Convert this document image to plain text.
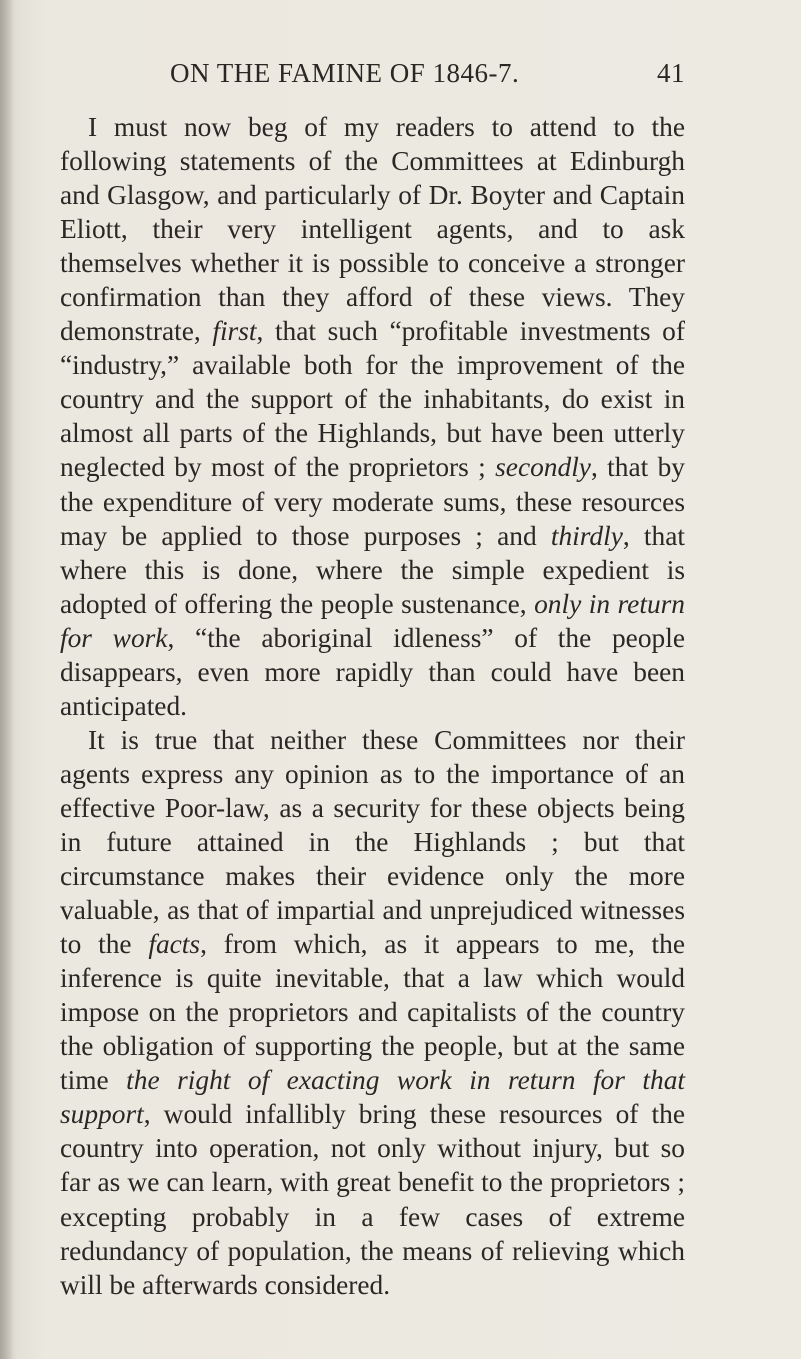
ON THE FAMINE OF 1846-7.	41

I must now beg of my readers to attend to the following statements of the Committees at Edinburgh and Glasgow, and particularly of Dr. Boyter and Captain Eliott, their very intelligent agents, and to ask themselves whether it is possible to conceive a stronger confirmation than they afford of these views. They demonstrate, first, that such “profitable investments of “industry,” available both for the improvement of the country and the support of the inhabitants, do exist in almost all parts of the Highlands, but have been utterly neglected by most of the proprietors ; secondly, that by the expenditure of very moderate sums, these resources may be applied to those purposes ; and thirdly, that where this is done, where the simple expedient is adopted of offering the people sustenance, only in return for work, “the aboriginal idleness” of the people disappears, even more rapidly than could have been anticipated.

It is true that neither these Committees nor their agents express any opinion as to the importance of an effective Poor-law, as a security for these objects being in future attained in the Highlands ; but that circumstance makes their evidence only the more valuable, as that of impartial and unprejudiced witnesses to the facts, from which, as it appears to me, the inference is quite inevitable, that a law which would impose on the proprietors and capitalists of the country the obligation of supporting the people, but at the same time the right of exacting work in return for that support, would infallibly bring these resources of the country into operation, not only without injury, but so far as we can learn, with great benefit to the proprietors ; excepting probably in a few cases of extreme redundancy of population, the means of relieving which will be afterwards considered.
